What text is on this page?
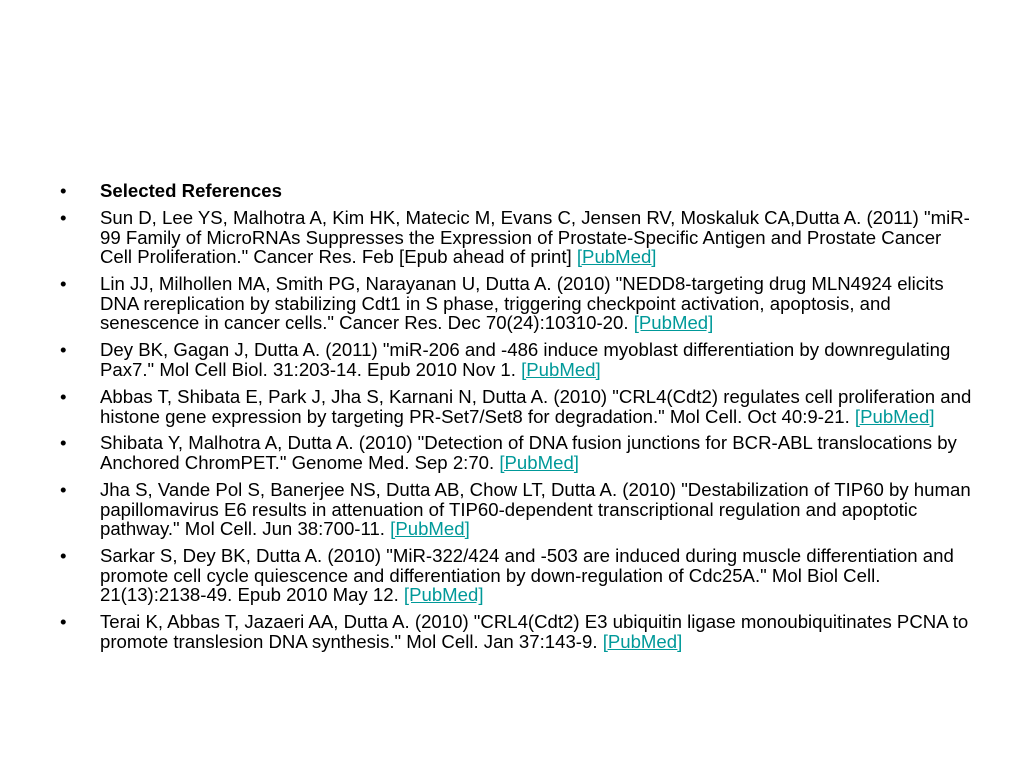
•	Selected References
•	Sun D, Lee YS, Malhotra A, Kim HK, Matecic M, Evans C, Jensen RV, Moskaluk CA,Dutta A. (2011) "miR-99 Family of MicroRNAs Suppresses the Expression of Prostate-Specific Antigen and Prostate Cancer Cell Proliferation." Cancer Res. Feb [Epub ahead of print] [PubMed]
•	Lin JJ, Milhollen MA, Smith PG, Narayanan U, Dutta A. (2010) "NEDD8-targeting drug MLN4924 elicits DNA rereplication by stabilizing Cdt1 in S phase, triggering checkpoint activation, apoptosis, and senescence in cancer cells." Cancer Res. Dec 70(24):10310-20. [PubMed]
•	Dey BK, Gagan J, Dutta A. (2011) "miR-206 and -486 induce myoblast differentiation by downregulating Pax7." Mol Cell Biol. 31:203-14. Epub 2010 Nov 1. [PubMed]
•	Abbas T, Shibata E, Park J, Jha S, Karnani N, Dutta A. (2010) "CRL4(Cdt2) regulates cell proliferation and histone gene expression by targeting PR-Set7/Set8 for degradation." Mol Cell. Oct 40:9-21. [PubMed]
•	Shibata Y, Malhotra A, Dutta A. (2010) "Detection of DNA fusion junctions for BCR-ABL translocations by Anchored ChromPET." Genome Med. Sep 2:70. [PubMed]
•	Jha S, Vande Pol S, Banerjee NS, Dutta AB, Chow LT, Dutta A. (2010) "Destabilization of TIP60 by human papillomavirus E6 results in attenuation of TIP60-dependent transcriptional regulation and apoptotic pathway." Mol Cell. Jun 38:700-11. [PubMed]
•	Sarkar S, Dey BK, Dutta A. (2010) "MiR-322/424 and -503 are induced during muscle differentiation and promote cell cycle quiescence and differentiation by down-regulation of Cdc25A." Mol Biol Cell. 21(13):2138-49. Epub 2010 May 12. [PubMed]
•	Terai K, Abbas T, Jazaeri AA, Dutta A. (2010) "CRL4(Cdt2) E3 ubiquitin ligase monoubiquitinates PCNA to promote translesion DNA synthesis." Mol Cell. Jan 37:143-9. [PubMed]
